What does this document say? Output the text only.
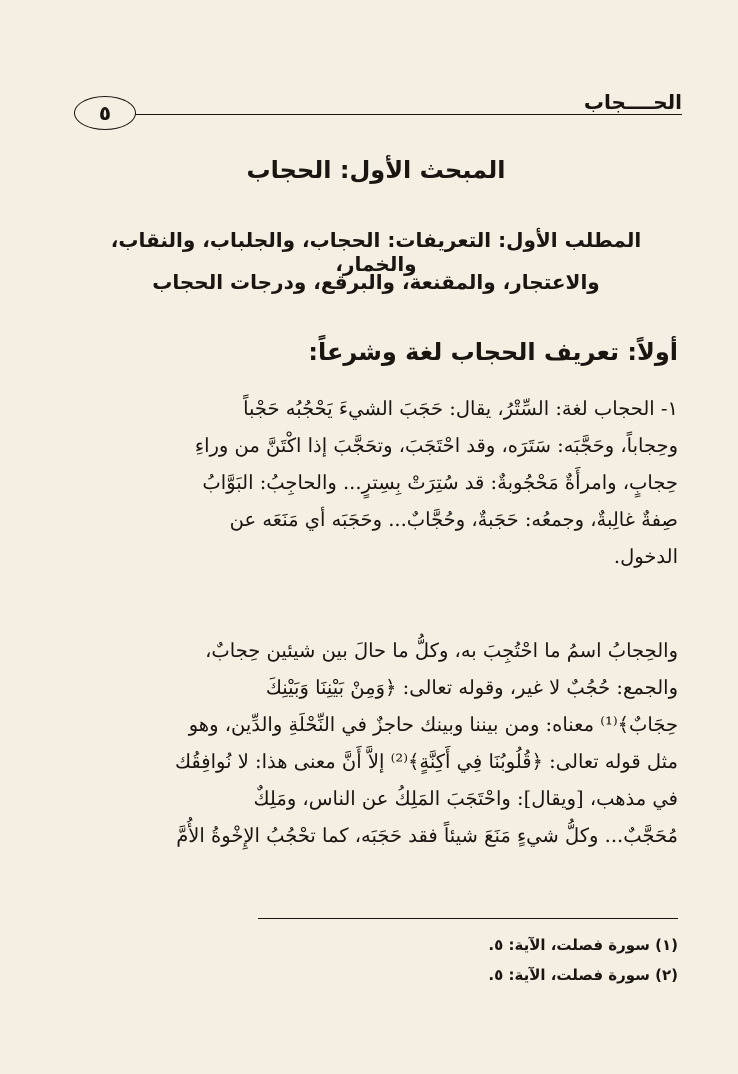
الحــــجاب
٥
المبحث الأول: الحجاب
المطلب الأول: التعريفات: الحجاب، والجلباب، والنقاب، والخمار،
والاعتجار، والمقنعة، والبرقع، ودرجات الحجاب
أولاً: تعريف الحجاب لغة وشرعاً:
١- الحجاب لغة: السِّتْرُ، يقال: حَجَبَ الشيءَ يَحْجُبُه حَجْباً
وحِجاباً، وحَجَّبَه: سَتَرَه، وقد احْتَجَبَ، وتحَجَّبَ إذا اكْتَنَّ من وراءِ
حِجابٍ، وامرأَةٌ مَحْجُوبةٌ: قد سُتِرَتْ بِسِترٍ... والحاجِبُ: البَوَّابُ
صِفةٌ غالِبةٌ، وجمعُه: حَجَبةٌ، وحُجَّابٌ... وحَجَبَه أي مَنَعَه عن
الدخول.
والحِجابُ اسمُ ما احْتُجِبَ به، وكلُّ ما حالَ بين شيئين حِجابٌ،
والجمع: حُجُبٌ لا غير، وقوله تعالى: ﴿وَمِنْ بَيْنِنَا وَبَيْنِكَ
حِجَابٌ﴾⁽¹⁾ معناه: ومن بيننا وبينك حاجزٌ في النِّحْلَةِ والدِّين، وهو
مثل قوله تعالى: ﴿قُلُوبُنَا فِي أَكِنَّةٍ﴾⁽²⁾ إلاَّ أَنَّ معنى هذا: لا نُوافِقُك
في مذهب، [ويقال]: واحْتَجَبَ المَلِكُ عن الناس، ومَلِكٌ
مُحَجَّبٌ... وكلُّ شيءٍ مَنَعَ شيئاً فقد حَجَبَه، كما تحْجُبُ الإِخْوةُ الأُمَّ
(١) سورة فصلت، الآية: ٥.
(٢) سورة فصلت، الآية: ٥.
